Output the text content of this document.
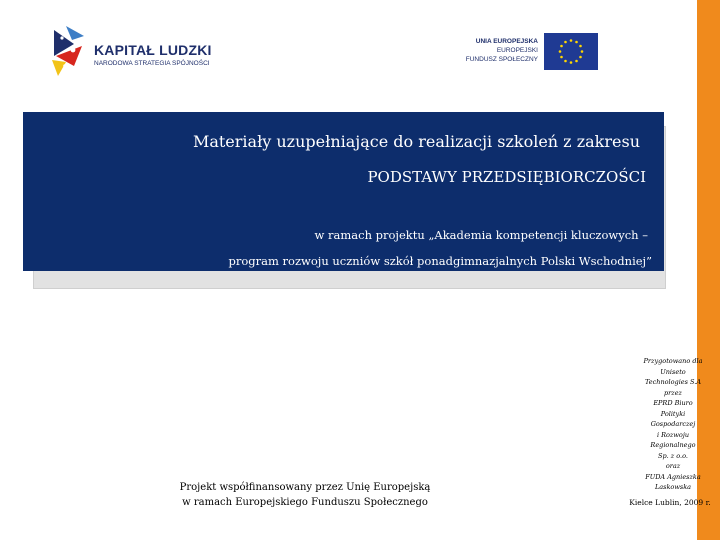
KAPITAŁ LUDZKI
NARODOWA STRATEGIA SPÓJNOŚCI
UNIA EUROPEJSKA
EUROPEJSKI
FUNDUSZ SPOŁECZNY
Materiały uzupełniające do realizacji szkoleń z zakresu
PODSTAWY PRZEDSIĘBIORCZOŚCI
w ramach projektu „Akademia kompetencji kluczowych –
program rozwoju uczniów szkół ponadgimnazjalnych Polski Wschodniej”
Projekt współfinansowany przez Unię Europejską
w ramach Europejskiego Funduszu Społecznego
Przygotowano dla
Uniseto
Technologies S.A
przez
EPRD Biuro
Polityki
Gospodarczej
i Rozwoju
Regionalnego
Sp. z o.o.
oraz
FUDA Agnieszka
Laskowska
Kielce Lublin, 2009 r.
